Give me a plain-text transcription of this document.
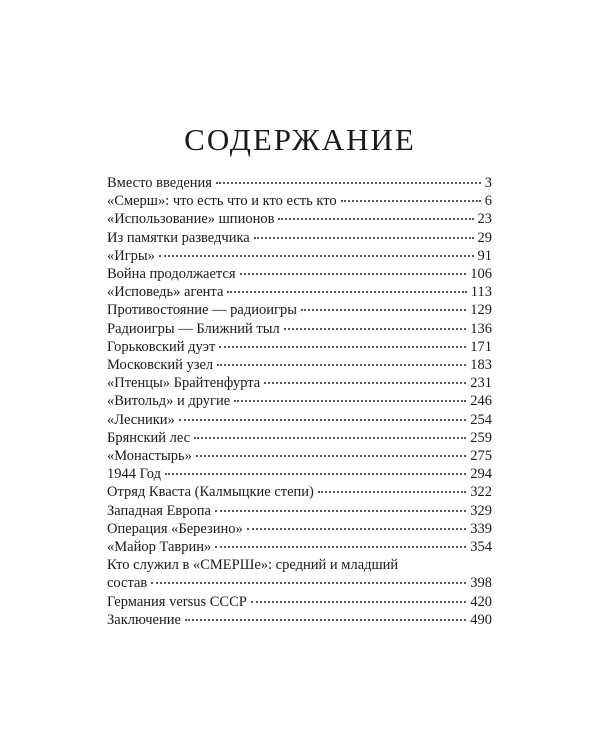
СОДЕРЖАНИЕ
Вместо введения	3
«Смерш»: что есть что и кто есть кто	6
«Использование» шпионов	23
Из памятки разведчика	29
«Игры»	91
Война продолжается	106
«Исповедь» агента	113
Противостояние — радиоигры	129
Радиоигры — Ближний тыл	136
Горьковский дуэт	171
Московский узел	183
«Птенцы» Брайтенфурта	231
«Витольд» и другие	246
«Лесники»	254
Брянский лес	259
«Монастырь»	275
1944 Год	294
Отряд Кваста (Калмыцкие степи)	322
Западная Европа	329
Операция «Березино»	339
«Майор Таврин»	354
Кто служил в «СМЕРШе»: средний и младший
состав	398
Германия versus СССР	420
Заключение	490
